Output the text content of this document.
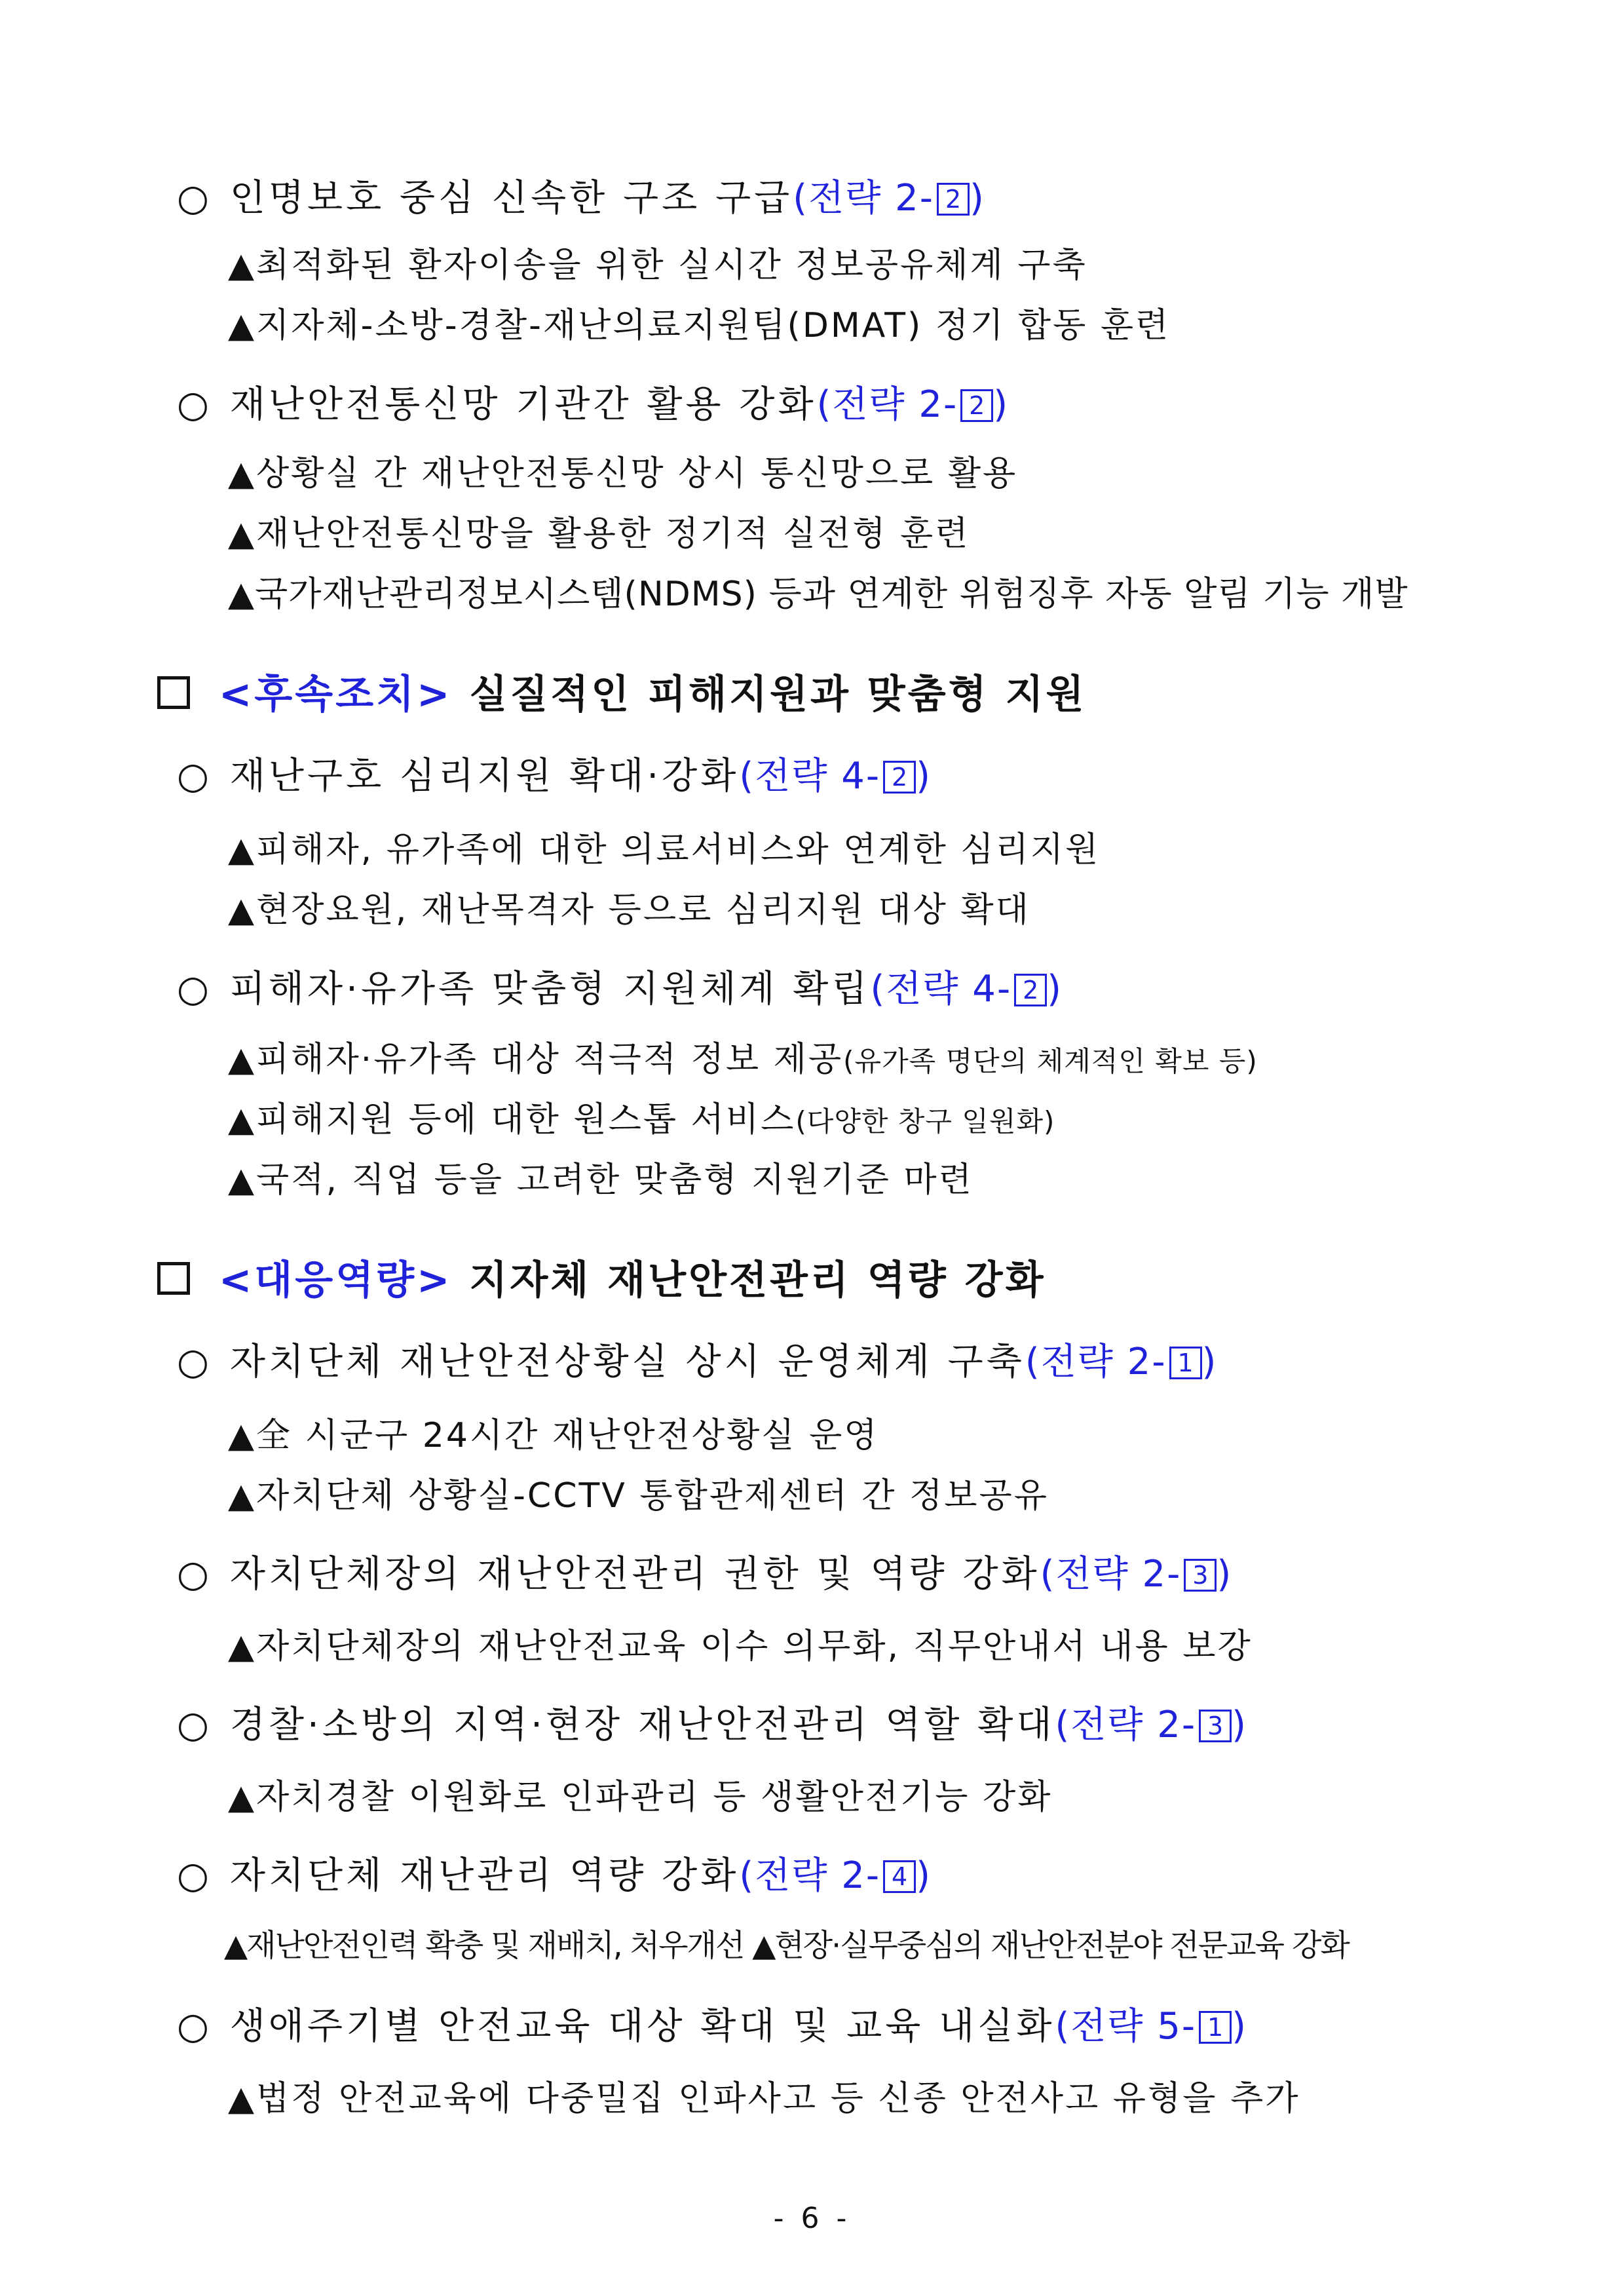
○ 인명보호 중심 신속한 구조 구급(전략 2- 2 )
▲최적화된 환자이송을 위한 실시간 정보공유체계 구축
▲지자체-소방-경찰-재난의료지원팀(DMAT) 정기 합동 훈련
○ 재난안전통신망 기관간 활용 강화(전략 2- 2 )
▲상황실 간 재난안전통신망 상시 통신망으로 활용
▲재난안전통신망을 활용한 정기적 실전형 훈련
▲국가재난관리정보시스템(NDMS) 등과 연계한 위험징후 자동 알림 기능 개발
<후속조치> 실질적인 피해지원과 맞춤형 지원
○ 재난구호 심리지원 확대·강화(전략 4- 2 )
▲피해자, 유가족에 대한 의료서비스와 연계한 심리지원
▲현장요원, 재난목격자 등으로 심리지원 대상 확대
○ 피해자·유가족 맞춤형 지원체계 확립(전략 4- 2 )
▲피해자·유가족 대상 적극적 정보 제공(유가족 명단의 체계적인 확보 등)
▲피해지원 등에 대한 원스톱 서비스(다양한 창구 일원화)
▲국적, 직업 등을 고려한 맞춤형 지원기준 마련
<대응역량> 지자체 재난안전관리 역량 강화
○ 자치단체 재난안전상황실 상시 운영체계 구축(전략 2- 1 )
▲全 시군구 24시간 재난안전상황실 운영
▲자치단체 상황실-CCTV 통합관제센터 간 정보공유
○ 자치단체장의 재난안전관리 권한 및 역량 강화(전략 2- 3 )
▲자치단체장의 재난안전교육 이수 의무화, 직무안내서 내용 보강
○ 경찰·소방의 지역·현장 재난안전관리 역할 확대(전략 2- 3 )
▲자치경찰 이원화로 인파관리 등 생활안전기능 강화
○ 자치단체 재난관리 역량 강화(전략 2- 4 )
▲재난안전인력 확충 및 재배치, 처우개선 ▲현장·실무중심의 재난안전분야 전문교육 강화
○ 생애주기별 안전교육 대상 확대 및 교육 내실화(전략 5- 1 )
▲법정 안전교육에 다중밀집 인파사고 등 신종 안전사고 유형을 추가
- 6 -
